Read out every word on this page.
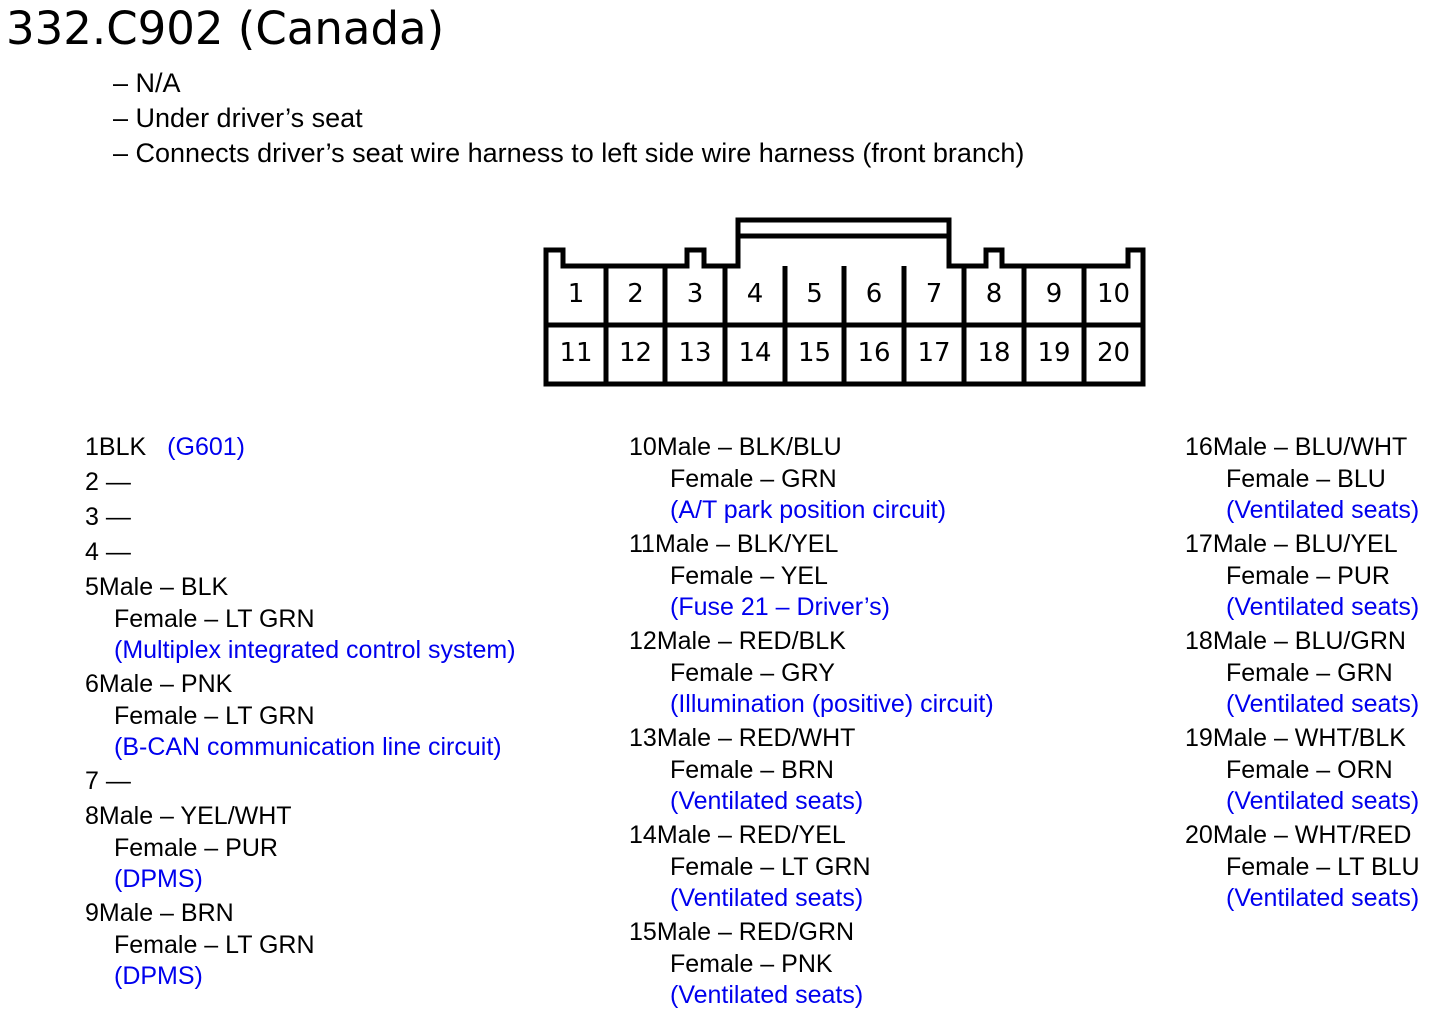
332.C902 (Canada)
– N/A
– Under driver’s seat
– Connects driver’s seat wire harness to left side wire harness (front branch)
1 2 3 4 5 6 7 8 9 10
11 12 13 14 15 16 17 18 19 20
1BLK (G601)
2 —
3 —
4 —
5Male – BLK
Female – LT GRN
(Multiplex integrated control system)
6Male – PNK
Female – LT GRN
(B-CAN communication line circuit)
7 —
8Male – YEL/WHT
Female – PUR
(DPMS)
9Male – BRN
Female – LT GRN
(DPMS)
10Male – BLK/BLU
Female – GRN
(A/T park position circuit)
11Male – BLK/YEL
Female – YEL
(Fuse 21 – Driver’s)
12Male – RED/BLK
Female – GRY
(Illumination (positive) circuit)
13Male – RED/WHT
Female – BRN
(Ventilated seats)
14Male – RED/YEL
Female – LT GRN
(Ventilated seats)
15Male – RED/GRN
Female – PNK
(Ventilated seats)
16Male – BLU/WHT
Female – BLU
(Ventilated seats)
17Male – BLU/YEL
Female – PUR
(Ventilated seats)
18Male – BLU/GRN
Female – GRN
(Ventilated seats)
19Male – WHT/BLK
Female – ORN
(Ventilated seats)
20Male – WHT/RED
Female – LT BLU
(Ventilated seats)
